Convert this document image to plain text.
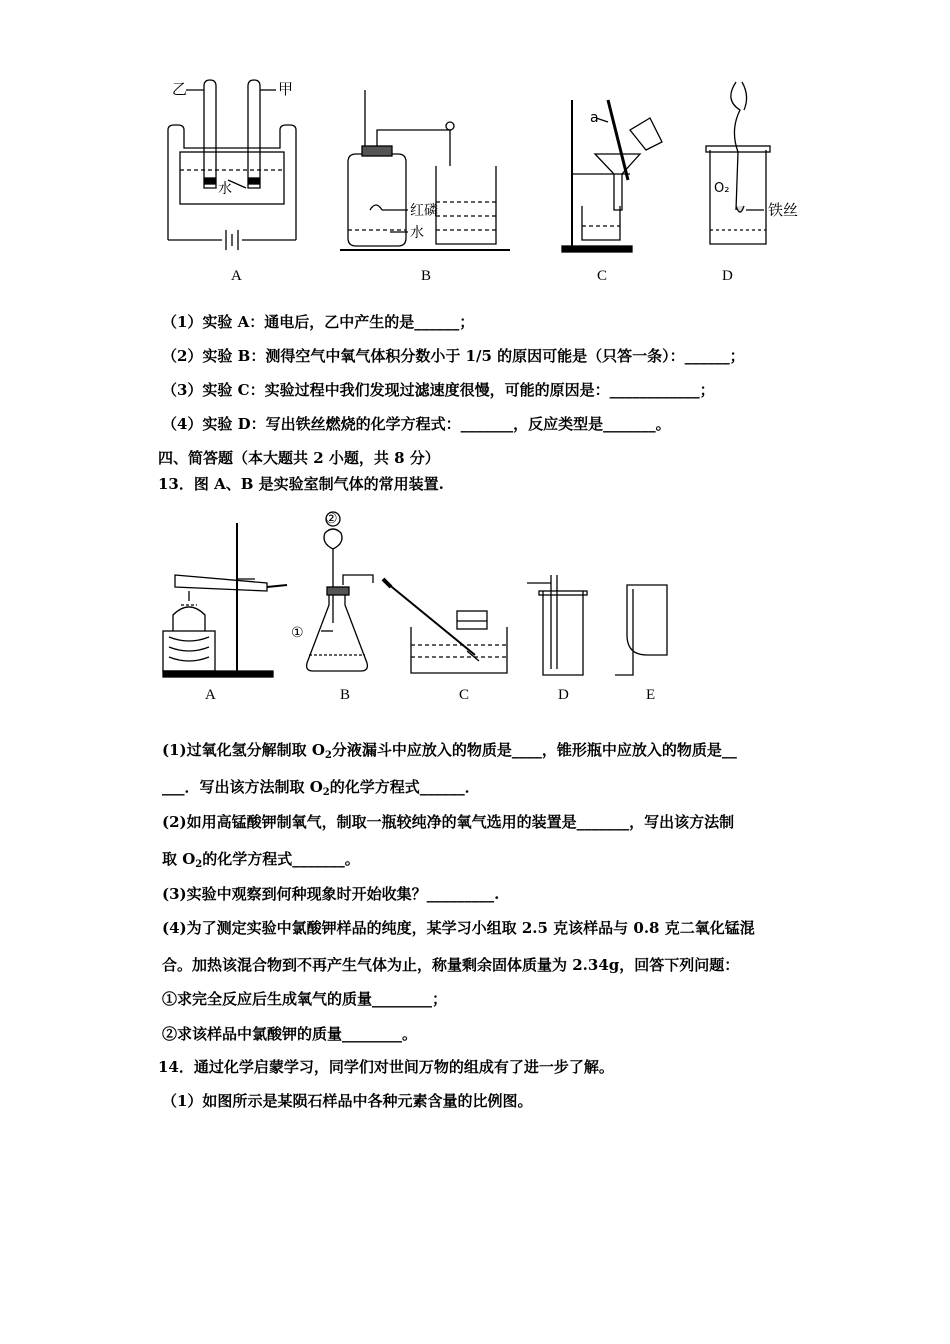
乙	甲
水
红磷
水
a
O₂
铁丝
A	B	C	D
（1）实验 A：通电后，乙中产生的是______；
（2）实验 B：测得空气中氧气体积分数小于 1/5 的原因可能是（只答一条）：______；
（3）实验 C：实验过程中我们发现过滤速度很慢，可能的原因是：____________；
（4）实验 D：写出铁丝燃烧的化学方程式：_______，反应类型是_______。
四、简答题（本大题共 2 小题，共 8 分）
13．图 A、B 是实验室制气体的常用装置.
②
①
A	B	C	D	E
(1)过氧化氢分解制取 $O_2$分液漏斗中应放入的物质是____，锥形瓶中应放入的物质是__
___．写出该方法制取 $O_2$的化学方程式______．
(2)如用高锰酸钾制氧气，制取一瓶较纯净的氧气选用的装置是_______，写出该方法制
取 $O_2$的化学方程式_______。
(3)实验中观察到何种现象时开始收集？_________.
(4)为了测定实验中氯酸钾样品的纯度，某学习小组取 2.5 克该样品与 0.8 克二氧化锰混
合。加热该混合物到不再产生气体为止，称量剩余固体质量为 2.34g，回答下列问题：
①求完全反应后生成氧气的质量________；
②求该样品中氯酸钾的质量________。
14．通过化学启蒙学习，同学们对世间万物的组成有了进一步了解。
（1）如图所示是某陨石样品中各种元素含量的比例图。
